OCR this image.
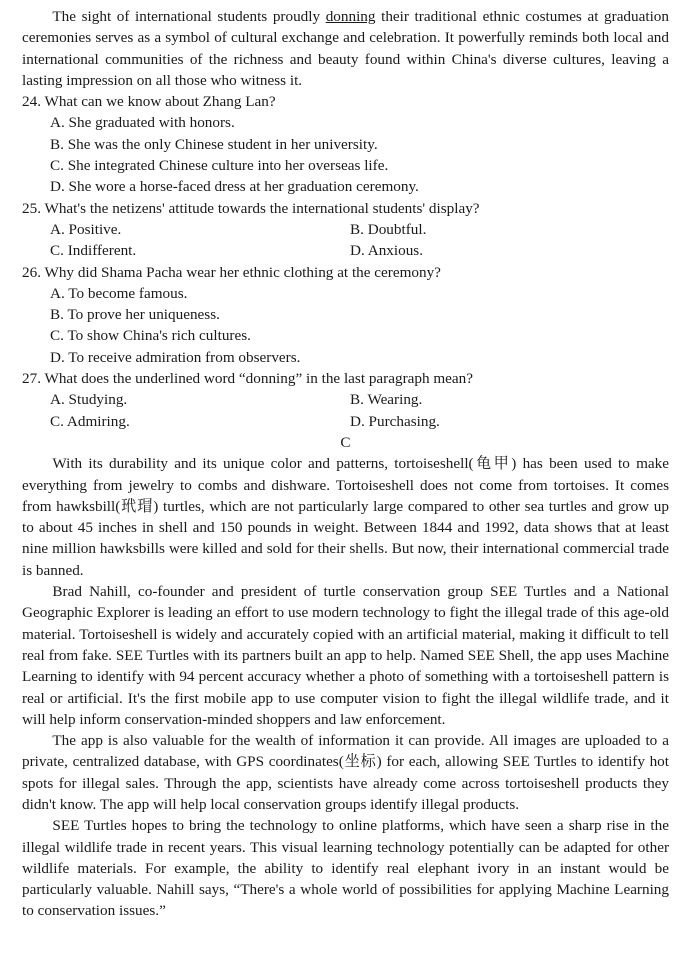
The sight of international students proudly donning their traditional ethnic costumes at graduation ceremonies serves as a symbol of cultural exchange and celebration. It powerfully reminds both local and international communities of the richness and beauty found within China's diverse cultures, leaving a lasting impression on all those who witness it.

24. What can we know about Zhang Lan?
A. She graduated with honors.
B. She was the only Chinese student in her university.
C. She integrated Chinese culture into her overseas life.
D. She wore a horse-faced dress at her graduation ceremony.
25. What's the netizens' attitude towards the international students' display?
A. Positive.	B. Doubtful.
C. Indifferent.	D. Anxious.
26. Why did Shama Pacha wear her ethnic clothing at the ceremony?
A. To become famous.
B. To prove her uniqueness.
C. To show China's rich cultures.
D. To receive admiration from observers.
27. What does the underlined word “donning” in the last paragraph mean?
A. Studying.	B. Wearing.
C. Admiring.	D. Purchasing.
C

With its durability and its unique color and patterns, tortoiseshell(龟甲) has been used to make everything from jewelry to combs and dishware. Tortoiseshell does not come from tortoises. It comes from hawksbill(玳瑁) turtles, which are not particularly large compared to other sea turtles and grow up to about 45 inches in shell and 150 pounds in weight. Between 1844 and 1992, data shows that at least nine million hawksbills were killed and sold for their shells. But now, their international commercial trade is banned.

Brad Nahill, co-founder and president of turtle conservation group SEE Turtles and a National Geographic Explorer is leading an effort to use modern technology to fight the illegal trade of this age-old material. Tortoiseshell is widely and accurately copied with an artificial material, making it difficult to tell real from fake. SEE Turtles with its partners built an app to help. Named SEE Shell, the app uses Machine Learning to identify with 94 percent accuracy whether a photo of something with a tortoiseshell pattern is real or artificial. It's the first mobile app to use computer vision to fight the illegal wildlife trade, and it will help inform conservation-minded shoppers and law enforcement.

The app is also valuable for the wealth of information it can provide. All images are uploaded to a private, centralized database, with GPS coordinates(坐标) for each, allowing SEE Turtles to identify hot spots for illegal sales. Through the app, scientists have already come across tortoiseshell products they didn't know. The app will help local conservation groups identify illegal products.

SEE Turtles hopes to bring the technology to online platforms, which have seen a sharp rise in the illegal wildlife trade in recent years. This visual learning technology potentially can be adapted for other wildlife materials. For example, the ability to identify real elephant ivory in an instant would be particularly valuable. Nahill says, “There's a whole world of possibilities for applying Machine Learning to conservation issues.”
